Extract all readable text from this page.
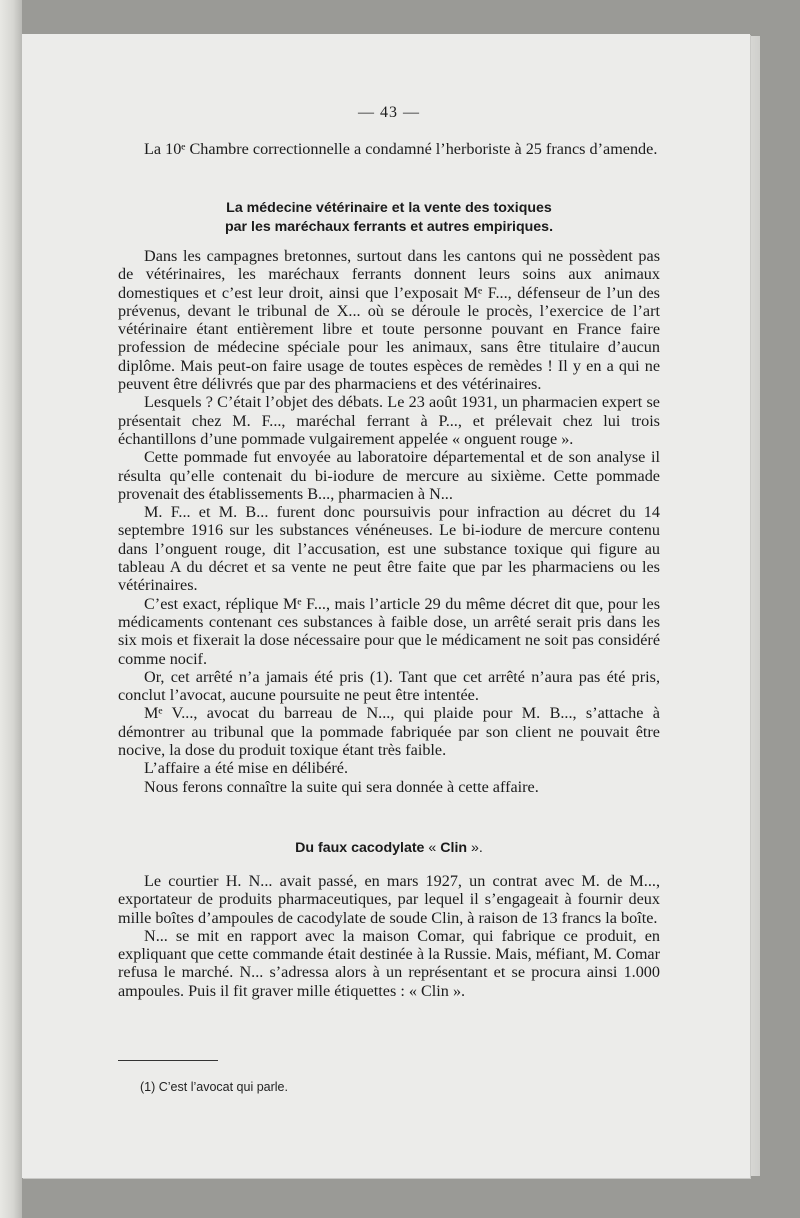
— 43 —

La 10ᵉ Chambre correctionnelle a condamné l’herboriste à 25 francs d’amende.

La médecine vétérinaire et la vente des toxiques
par les maréchaux ferrants et autres empiriques.

Dans les campagnes bretonnes, surtout dans les cantons qui ne possèdent pas de vétérinaires, les maréchaux ferrants donnent leurs soins aux animaux domestiques et c’est leur droit, ainsi que l’exposait Mᵉ F..., défenseur de l’un des prévenus, devant le tribunal de X... où se déroule le procès, l’exercice de l’art vétérinaire étant entièrement libre et toute personne pouvant en France faire profession de médecine spéciale pour les animaux, sans être titulaire d’aucun diplôme. Mais peut-on faire usage de toutes espèces de remèdes ! Il y en a qui ne peuvent être délivrés que par des pharmaciens et des vétérinaires.

Lesquels ? C’était l’objet des débats. Le 23 août 1931, un pharmacien expert se présentait chez M. F..., maréchal ferrant à P..., et prélevait chez lui trois échantillons d’une pommade vulgairement appelée « onguent rouge ».

Cette pommade fut envoyée au laboratoire départemental et de son analyse il résulta qu’elle contenait du bi-iodure de mercure au sixième. Cette pommade provenait des établissements B..., pharmacien à N...

M. F... et M. B... furent donc poursuivis pour infraction au décret du 14 septembre 1916 sur les substances vénéneuses. Le bi-iodure de mercure contenu dans l’onguent rouge, dit l’accusation, est une substance toxique qui figure au tableau A du décret et sa vente ne peut être faite que par les pharmaciens ou les vétérinaires.

C’est exact, réplique Mᵉ F..., mais l’article 29 du même décret dit que, pour les médicaments contenant ces substances à faible dose, un arrêté serait pris dans les six mois et fixerait la dose nécessaire pour que le médicament ne soit pas considéré comme nocif.

Or, cet arrêté n’a jamais été pris (1). Tant que cet arrêté n’aura pas été pris, conclut l’avocat, aucune poursuite ne peut être intentée.

Mᵉ V..., avocat du barreau de N..., qui plaide pour M. B..., s’attache à démontrer au tribunal que la pommade fabriquée par son client ne pouvait être nocive, la dose du produit toxique étant très faible.

L’affaire a été mise en délibéré.

Nous ferons connaître la suite qui sera donnée à cette affaire.

Du faux cacodylate « Clin ».

Le courtier H. N... avait passé, en mars 1927, un contrat avec M. de M..., exportateur de produits pharmaceutiques, par lequel il s’engageait à fournir deux mille boîtes d’ampoules de cacodylate de soude Clin, à raison de 13 francs la boîte.

N... se mit en rapport avec la maison Comar, qui fabrique ce produit, en expliquant que cette commande était destinée à la Russie. Mais, méfiant, M. Comar refusa le marché. N... s’adressa alors à un représentant et se procura ainsi 1.000 ampoules. Puis il fit graver mille étiquettes : « Clin ».

(1) C’est l’avocat qui parle.
